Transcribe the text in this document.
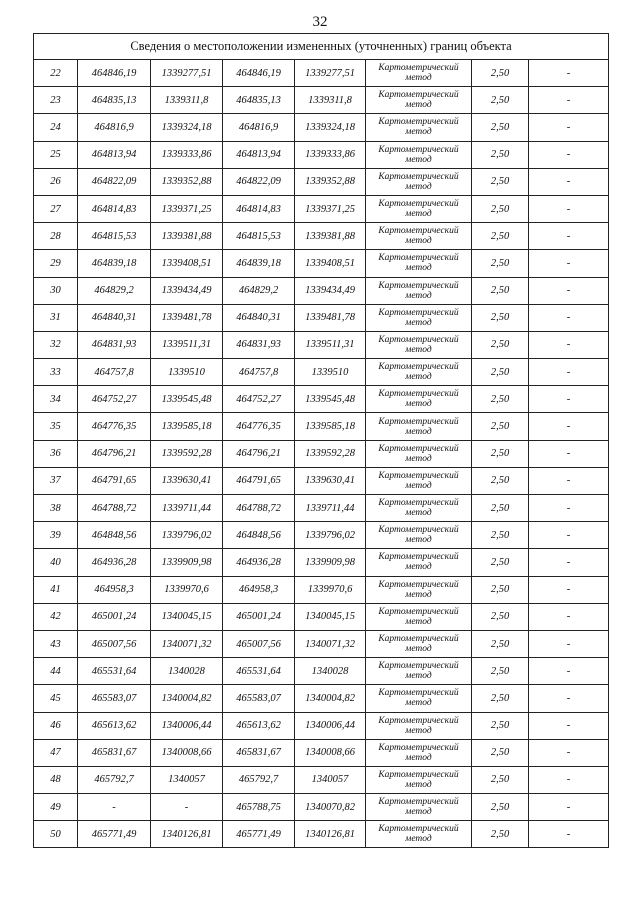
32
Сведения о местоположении измененных (уточненных) границ объекта							
22	464846,19	1339277,51	464846,19	1339277,51	Картометрический метод	2,50	-
23	464835,13	1339311,8	464835,13	1339311,8	Картометрический метод	2,50	-
24	464816,9	1339324,18	464816,9	1339324,18	Картометрический метод	2,50	-
25	464813,94	1339333,86	464813,94	1339333,86	Картометрический метод	2,50	-
26	464822,09	1339352,88	464822,09	1339352,88	Картометрический метод	2,50	-
27	464814,83	1339371,25	464814,83	1339371,25	Картометрический метод	2,50	-
28	464815,53	1339381,88	464815,53	1339381,88	Картометрический метод	2,50	-
29	464839,18	1339408,51	464839,18	1339408,51	Картометрический метод	2,50	-
30	464829,2	1339434,49	464829,2	1339434,49	Картометрический метод	2,50	-
31	464840,31	1339481,78	464840,31	1339481,78	Картометрический метод	2,50	-
32	464831,93	1339511,31	464831,93	1339511,31	Картометрический метод	2,50	-
33	464757,8	1339510	464757,8	1339510	Картометрический метод	2,50	-
34	464752,27	1339545,48	464752,27	1339545,48	Картометрический метод	2,50	-
35	464776,35	1339585,18	464776,35	1339585,18	Картометрический метод	2,50	-
36	464796,21	1339592,28	464796,21	1339592,28	Картометрический метод	2,50	-
37	464791,65	1339630,41	464791,65	1339630,41	Картометрический метод	2,50	-
38	464788,72	1339711,44	464788,72	1339711,44	Картометрический метод	2,50	-
39	464848,56	1339796,02	464848,56	1339796,02	Картометрический метод	2,50	-
40	464936,28	1339909,98	464936,28	1339909,98	Картометрический метод	2,50	-
41	464958,3	1339970,6	464958,3	1339970,6	Картометрический метод	2,50	-
42	465001,24	1340045,15	465001,24	1340045,15	Картометрический метод	2,50	-
43	465007,56	1340071,32	465007,56	1340071,32	Картометрический метод	2,50	-
44	465531,64	1340028	465531,64	1340028	Картометрический метод	2,50	-
45	465583,07	1340004,82	465583,07	1340004,82	Картометрический метод	2,50	-
46	465613,62	1340006,44	465613,62	1340006,44	Картометрический метод	2,50	-
47	465831,67	1340008,66	465831,67	1340008,66	Картометрический метод	2,50	-
48	465792,7	1340057	465792,7	1340057	Картометрический метод	2,50	-
49	-	-	465788,75	1340070,82	Картометрический метод	2,50	-
50	465771,49	1340126,81	465771,49	1340126,81	Картометрический метод	2,50	-
